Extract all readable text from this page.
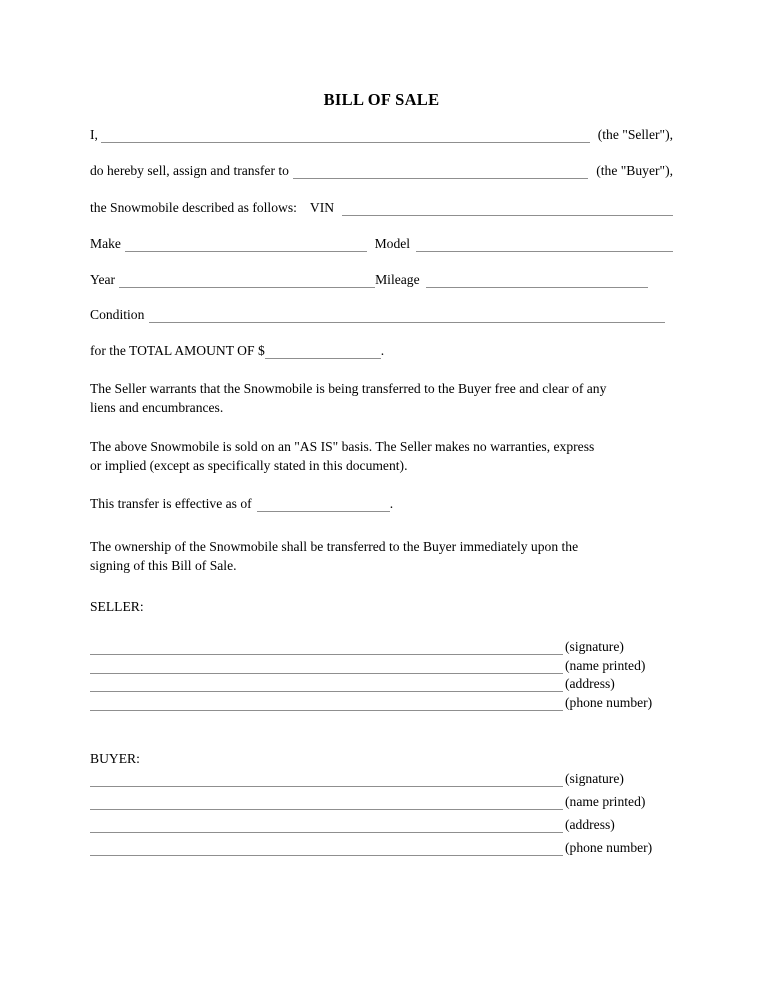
BILL OF SALE
I,	(the "Seller"),
do hereby sell, assign and transfer to	(the "Buyer"),
the Snowmobile described as follows: VIN
Make	Model
Year	Mileage
Condition
for the TOTAL AMOUNT OF $	.
The Seller warrants that the Snowmobile is being transferred to the Buyer free and clear of any
liens and encumbrances.
The above Snowmobile is sold on an "AS IS" basis. The Seller makes no warranties, express
or implied (except as specifically stated in this document).
This transfer is effective as of	.
The ownership of the Snowmobile shall be transferred to the Buyer immediately upon the
signing of this Bill of Sale.
SELLER:
(signature)
(name printed)
(address)
(phone number)
BUYER:
(signature)
(name printed)
(address)
(phone number)
